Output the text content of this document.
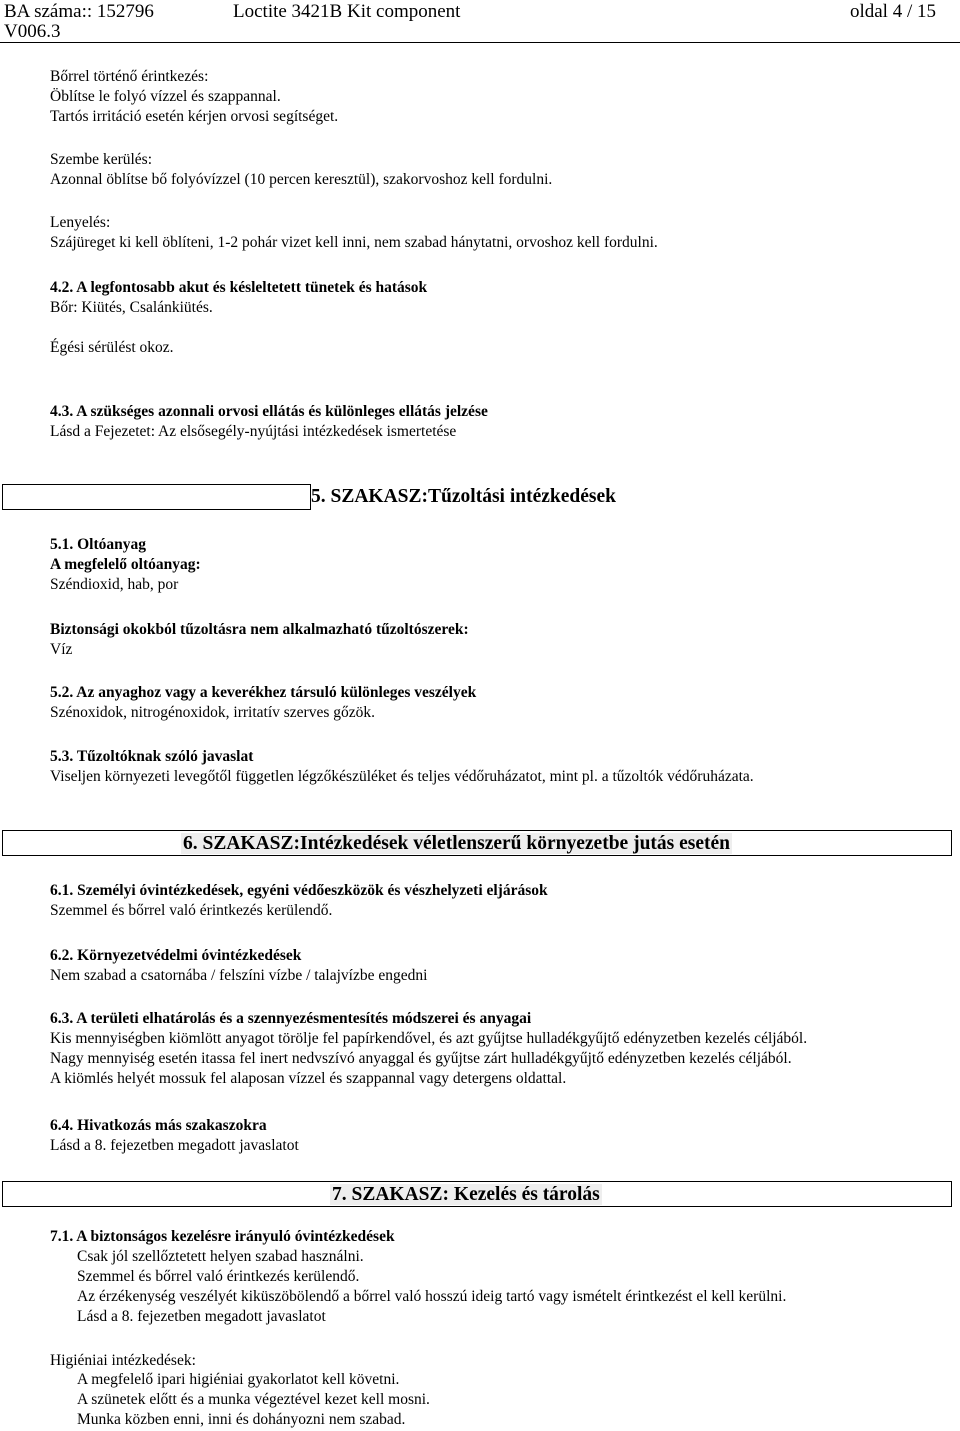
BA száma:: 152796
V006.3
Loctite 3421B Kit component	oldal 4 / 15
Bőrrel történő érintkezés:
Öblítse le folyó vízzel és szappannal.
Tartós irritáció esetén kérjen orvosi segítséget.
Szembe kerülés:
Azonnal öblítse bő folyóvízzel (10 percen keresztül), szakorvoshoz kell fordulni.
Lenyelés:
Szájüreget ki kell öblíteni, 1-2 pohár vizet kell inni, nem szabad hánytatni, orvoshoz kell fordulni.
4.2. A legfontosabb akut és késleltetett tünetek és hatások
Bőr: Kiütés, Csalánkiütés.
Égési sérülést okoz.
4.3. A szükséges azonnali orvosi ellátás és különleges ellátás jelzése
Lásd a Fejezetet: Az elsősegély-nyújtási intézkedések ismertetése
5. SZAKASZ:Tűzoltási intézkedések
5.1. Oltóanyag
A megfelelő oltóanyag:
Széndioxid, hab, por
Biztonsági okokból tűzoltásra nem alkalmazható tűzoltószerek:
Víz
5.2. Az anyaghoz vagy a keverékhez társuló különleges veszélyek
Szénoxidok, nitrogénoxidok, irritatív szerves gőzök.
5.3. Tűzoltóknak szóló javaslat
Viseljen környezeti levegőtől független légzőkészüléket és teljes védőruházatot, mint pl. a tűzoltók védőruházata.
6. SZAKASZ:Intézkedések véletlenszerű környezetbe jutás esetén
6.1. Személyi óvintézkedések, egyéni védőeszközök és vészhelyzeti eljárások
Szemmel és bőrrel való érintkezés kerülendő.
6.2. Környezetvédelmi óvintézkedések
Nem szabad a csatornába / felszíni vízbe / talajvízbe engedni
6.3. A területi elhatárolás és a szennyezésmentesítés módszerei és anyagai
Kis mennyiségben kiömlött anyagot törölje fel papírkendővel, és azt gyűjtse hulladékgyűjtő edényzetben kezelés céljából.
Nagy mennyiség esetén itassa fel inert nedvszívó anyaggal és gyűjtse zárt hulladékgyűjtő edényzetben kezelés céljából.
A kiömlés helyét mossuk fel alaposan vízzel és szappannal vagy detergens oldattal.
6.4. Hivatkozás más szakaszokra
Lásd a 8. fejezetben megadott javaslatot
7. SZAKASZ: Kezelés és tárolás
7.1. A biztonságos kezelésre irányuló óvintézkedések
Csak jól szellőztetett helyen szabad használni.
Szemmel és bőrrel való érintkezés kerülendő.
Az érzékenység veszélyét kiküszöbölendő a bőrrel való hosszú ideig tartó vagy ismételt érintkezést el kell kerülni.
Lásd a 8. fejezetben megadott javaslatot
Higiéniai intézkedések:
A megfelelő ipari higiéniai gyakorlatot kell követni.
A szünetek előtt és a munka végeztével kezet kell mosni.
Munka közben enni, inni és dohányozni nem szabad.
